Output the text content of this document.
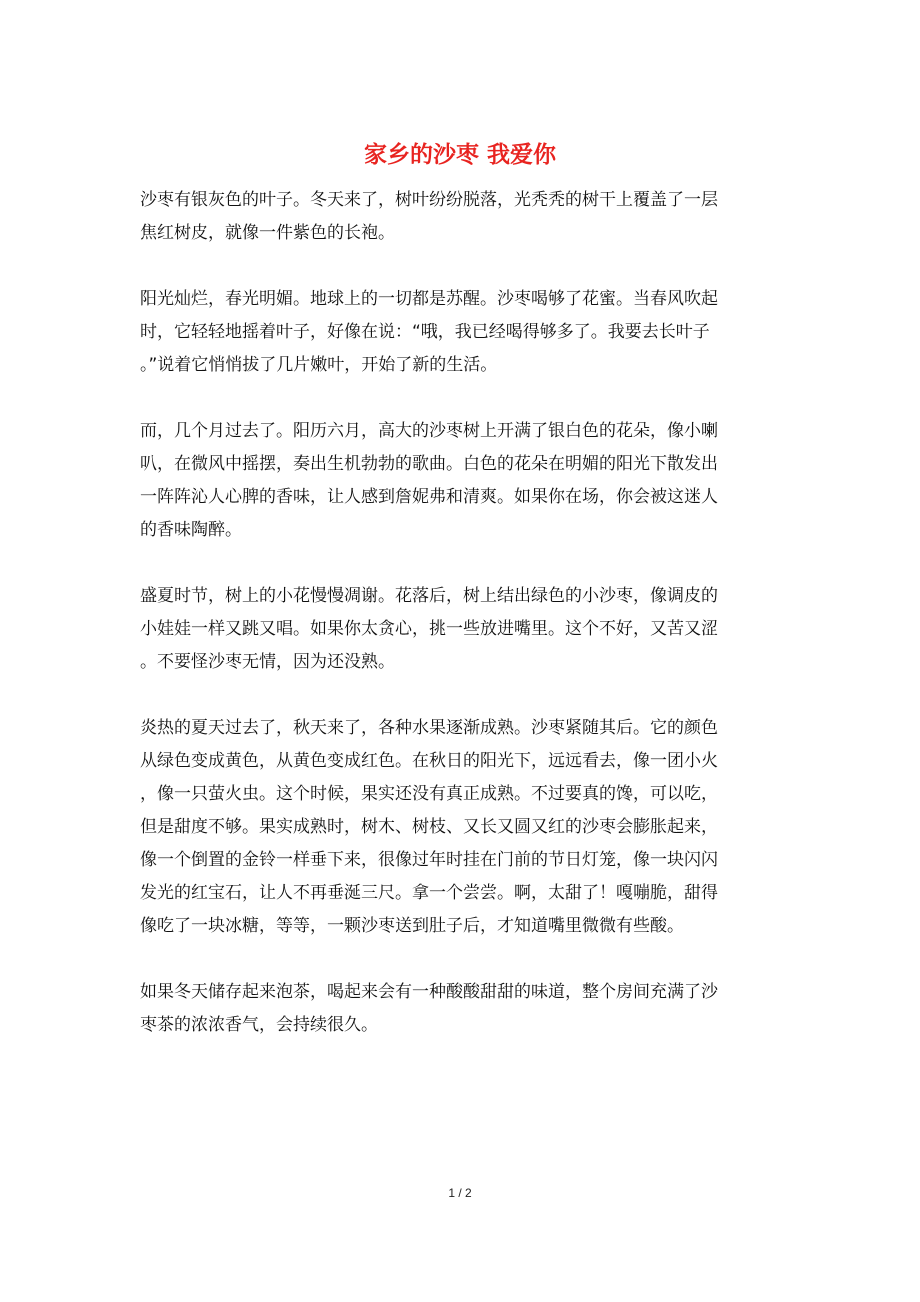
家乡的沙枣 我爱你

沙枣有银灰色的叶子。冬天来了，树叶纷纷脱落，光秃秃的树干上覆盖了一层
焦红树皮，就像一件紫色的长袍。

阳光灿烂，春光明媚。地球上的一切都是苏醒。沙枣喝够了花蜜。当春风吹起
时，它轻轻地摇着叶子，好像在说：“哦，我已经喝得够多了。我要去长叶子
。”说着它悄悄拔了几片嫩叶，开始了新的生活。

而，几个月过去了。阳历六月，高大的沙枣树上开满了银白色的花朵，像小喇
叭，在微风中摇摆，奏出生机勃勃的歌曲。白色的花朵在明媚的阳光下散发出
一阵阵沁人心脾的香味，让人感到詹妮弗和清爽。如果你在场，你会被这迷人
的香味陶醉。

盛夏时节，树上的小花慢慢凋谢。花落后，树上结出绿色的小沙枣，像调皮的
小娃娃一样又跳又唱。如果你太贪心，挑一些放进嘴里。这个不好，又苦又涩
。不要怪沙枣无情，因为还没熟。

炎热的夏天过去了，秋天来了，各种水果逐渐成熟。沙枣紧随其后。它的颜色
从绿色变成黄色，从黄色变成红色。在秋日的阳光下，远远看去，像一团小火
，像一只萤火虫。这个时候，果实还没有真正成熟。不过要真的馋，可以吃，
但是甜度不够。果实成熟时，树木、树枝、又长又圆又红的沙枣会膨胀起来，
像一个倒置的金铃一样垂下来，很像过年时挂在门前的节日灯笼，像一块闪闪
发光的红宝石，让人不再垂涎三尺。拿一个尝尝。啊，太甜了！嘎嘣脆，甜得
像吃了一块冰糖，等等，一颗沙枣送到肚子后，才知道嘴里微微有些酸。

如果冬天储存起来泡茶，喝起来会有一种酸酸甜甜的味道，整个房间充满了沙
枣茶的浓浓香气，会持续很久。

1 / 2
